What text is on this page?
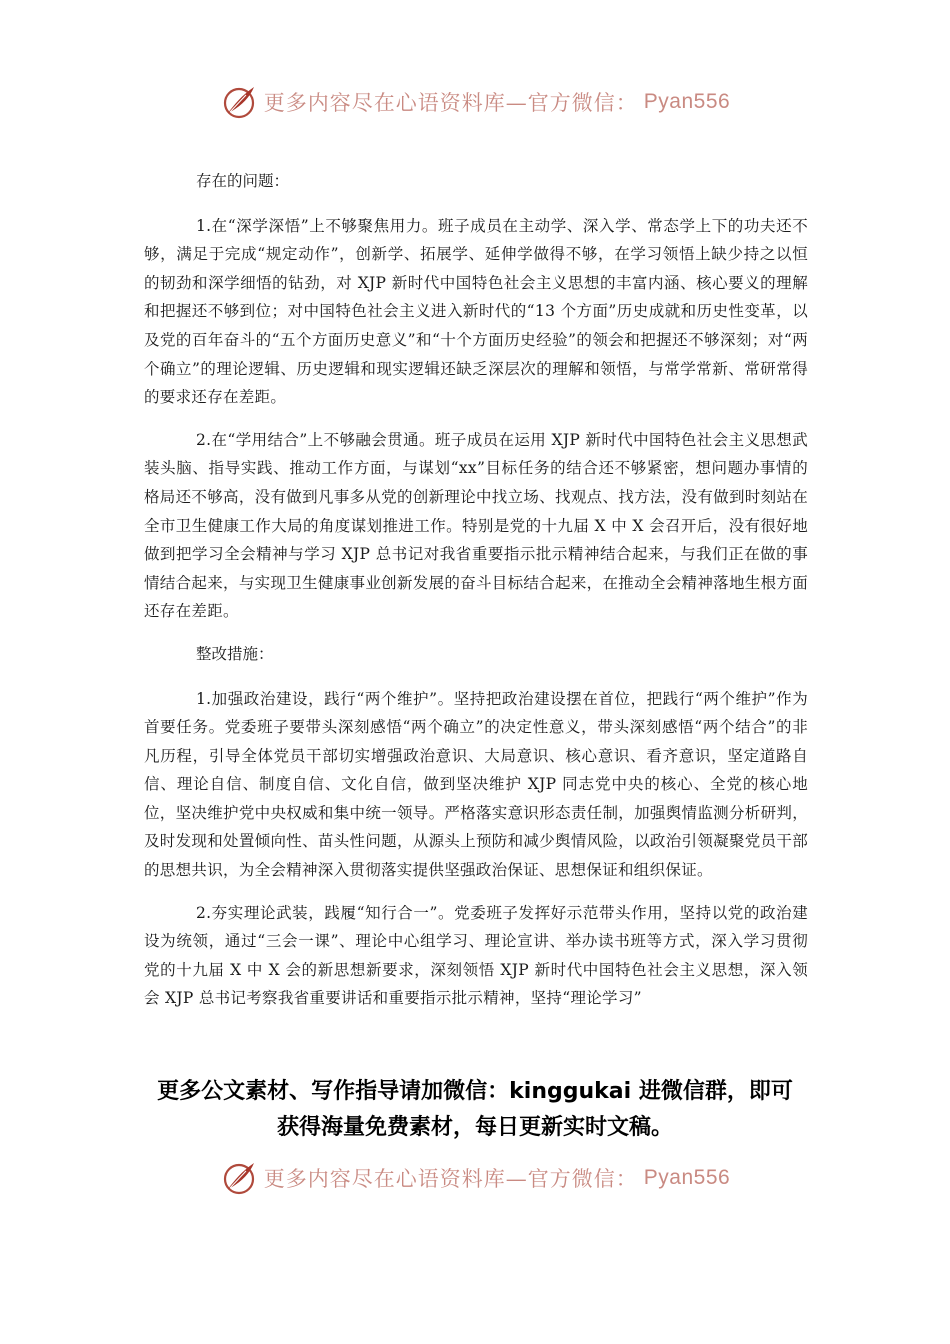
更多内容尽在心语资料库—官方微信： Pyan556

存在的问题：

1.在“深学深悟”上不够聚焦用力。班子成员在主动学、深入学、常态学上下的功夫还不够，满足于完成“规定动作”，创新学、拓展学、延伸学做得不够，在学习领悟上缺少持之以恒的韧劲和深学细悟的钻劲，对 XJP 新时代中国特色社会主义思想的丰富内涵、核心要义的理解和把握还不够到位；对中国特色社会主义进入新时代的“13 个方面”历史成就和历史性变革，以及党的百年奋斗的“五个方面历史意义”和“十个方面历史经验”的领会和把握还不够深刻；对“两个确立”的理论逻辑、历史逻辑和现实逻辑还缺乏深层次的理解和领悟，与常学常新、常研常得的要求还存在差距。

2.在“学用结合”上不够融会贯通。班子成员在运用 XJP 新时代中国特色社会主义思想武装头脑、指导实践、推动工作方面，与谋划“xx”目标任务的结合还不够紧密，想问题办事情的格局还不够高，没有做到凡事多从党的创新理论中找立场、找观点、找方法，没有做到时刻站在全市卫生健康工作大局的角度谋划推进工作。特别是党的十九届 X 中 X 会召开后，没有很好地做到把学习全会精神与学习 XJP 总书记对我省重要指示批示精神结合起来，与我们正在做的事情结合起来，与实现卫生健康事业创新发展的奋斗目标结合起来，在推动全会精神落地生根方面还存在差距。

整改措施：

1.加强政治建设，践行“两个维护”。坚持把政治建设摆在首位，把践行“两个维护”作为首要任务。党委班子要带头深刻感悟“两个确立”的决定性意义，带头深刻感悟“两个结合”的非凡历程，引导全体党员干部切实增强政治意识、大局意识、核心意识、看齐意识，坚定道路自信、理论自信、制度自信、文化自信，做到坚决维护 XJP 同志党中央的核心、全党的核心地位，坚决维护党中央权威和集中统一领导。严格落实意识形态责任制，加强舆情监测分析研判，及时发现和处置倾向性、苗头性问题，从源头上预防和减少舆情风险，以政治引领凝聚党员干部的思想共识，为全会精神深入贯彻落实提供坚强政治保证、思想保证和组织保证。

2.夯实理论武装，践履“知行合一”。党委班子发挥好示范带头作用，坚持以党的政治建设为统领，通过“三会一课”、理论中心组学习、理论宣讲、举办读书班等方式，深入学习贯彻党的十九届 X 中 X 会的新思想新要求，深刻领悟 XJP 新时代中国特色社会主义思想，深入领会 XJP 总书记考察我省重要讲话和重要指示批示精神，坚持“理论学习”

更多公文素材、写作指导请加微信：kinggukai 进微信群，即可
获得海量免费素材，每日更新实时文稿。
更多内容尽在心语资料库—官方微信： Pyan556
